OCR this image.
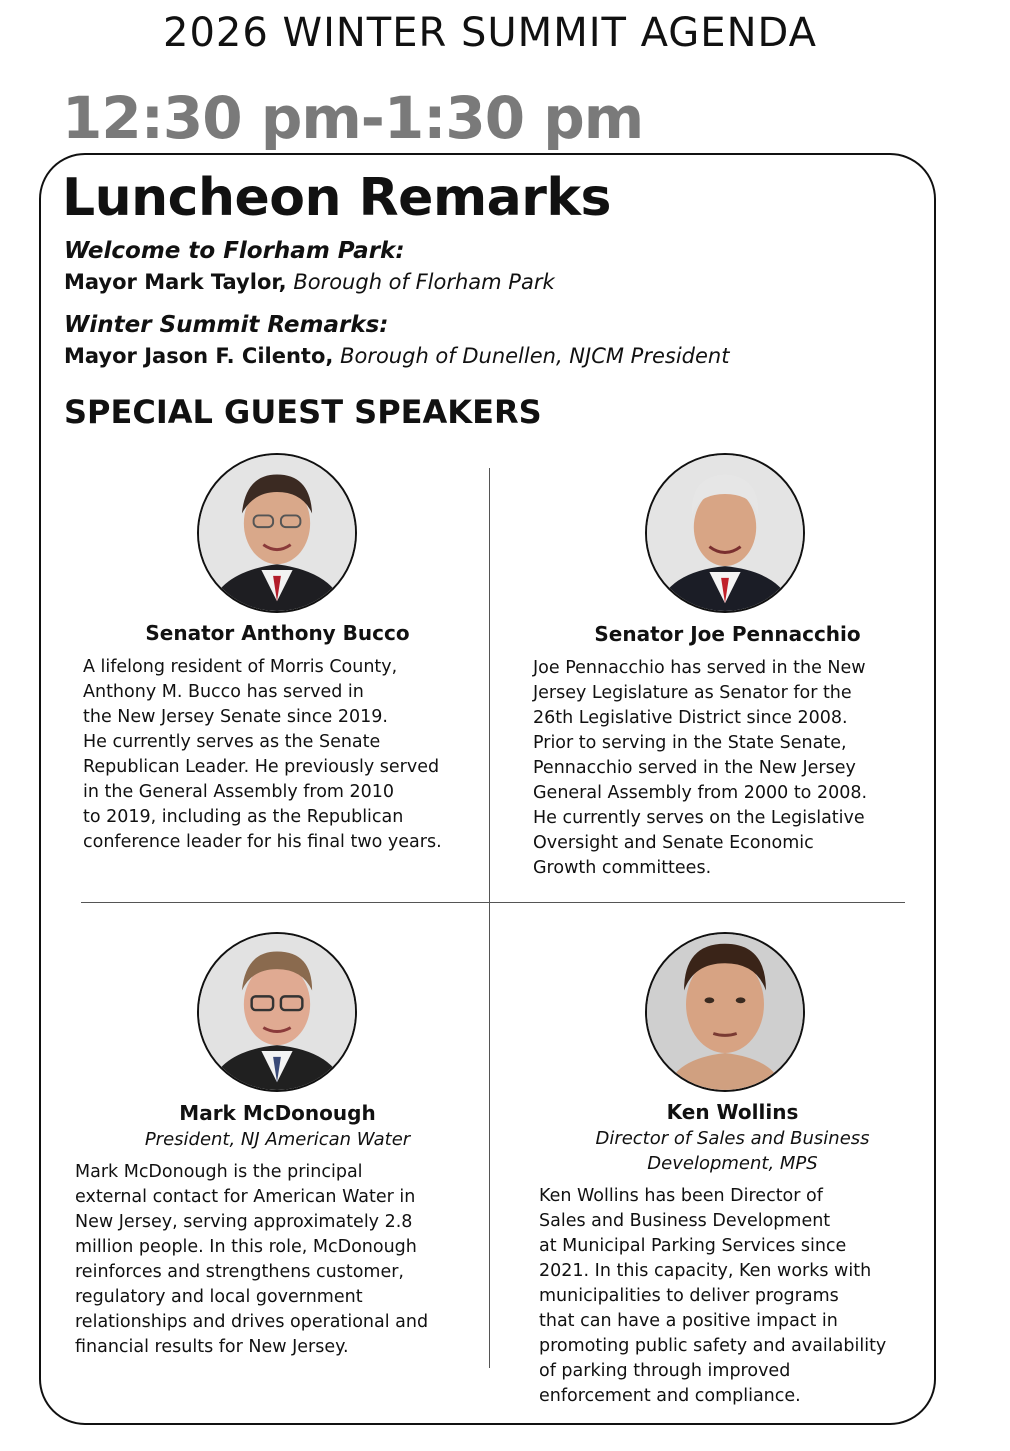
2026 WINTER SUMMIT AGENDA
12:30 pm-1:30 pm
Luncheon Remarks
Welcome to Florham Park:
Mayor Mark Taylor, Borough of Florham Park
Winter Summit Remarks:
Mayor Jason F. Cilento, Borough of Dunellen, NJCM President
SPECIAL GUEST SPEAKERS
Senator Anthony Bucco
A lifelong resident of Morris County,
Anthony M. Bucco has served in
the New Jersey Senate since 2019.
He currently serves as the Senate
Republican Leader. He previously served
in the General Assembly from 2010
to 2019, including as the Republican
conference leader for his final two years.
Senator Joe Pennacchio
Joe Pennacchio has served in the New
Jersey Legislature as Senator for the
26th Legislative District since 2008.
Prior to serving in the State Senate,
Pennacchio served in the New Jersey
General Assembly from 2000 to 2008.
He currently serves on the Legislative
Oversight and Senate Economic
Growth committees.
Mark McDonough
President, NJ American Water
Mark McDonough is the principal
external contact for American Water in
New Jersey, serving approximately 2.8
million people. In this role, McDonough
reinforces and strengthens customer,
regulatory and local government
relationships and drives operational and
financial results for New Jersey.
Ken Wollins
Director of Sales and Business
Development, MPS
Ken Wollins has been Director of
Sales and Business Development
at Municipal Parking Services since
2021. In this capacity, Ken works with
municipalities to deliver programs
that can have a positive impact in
promoting public safety and availability
of parking through improved
enforcement and compliance.
